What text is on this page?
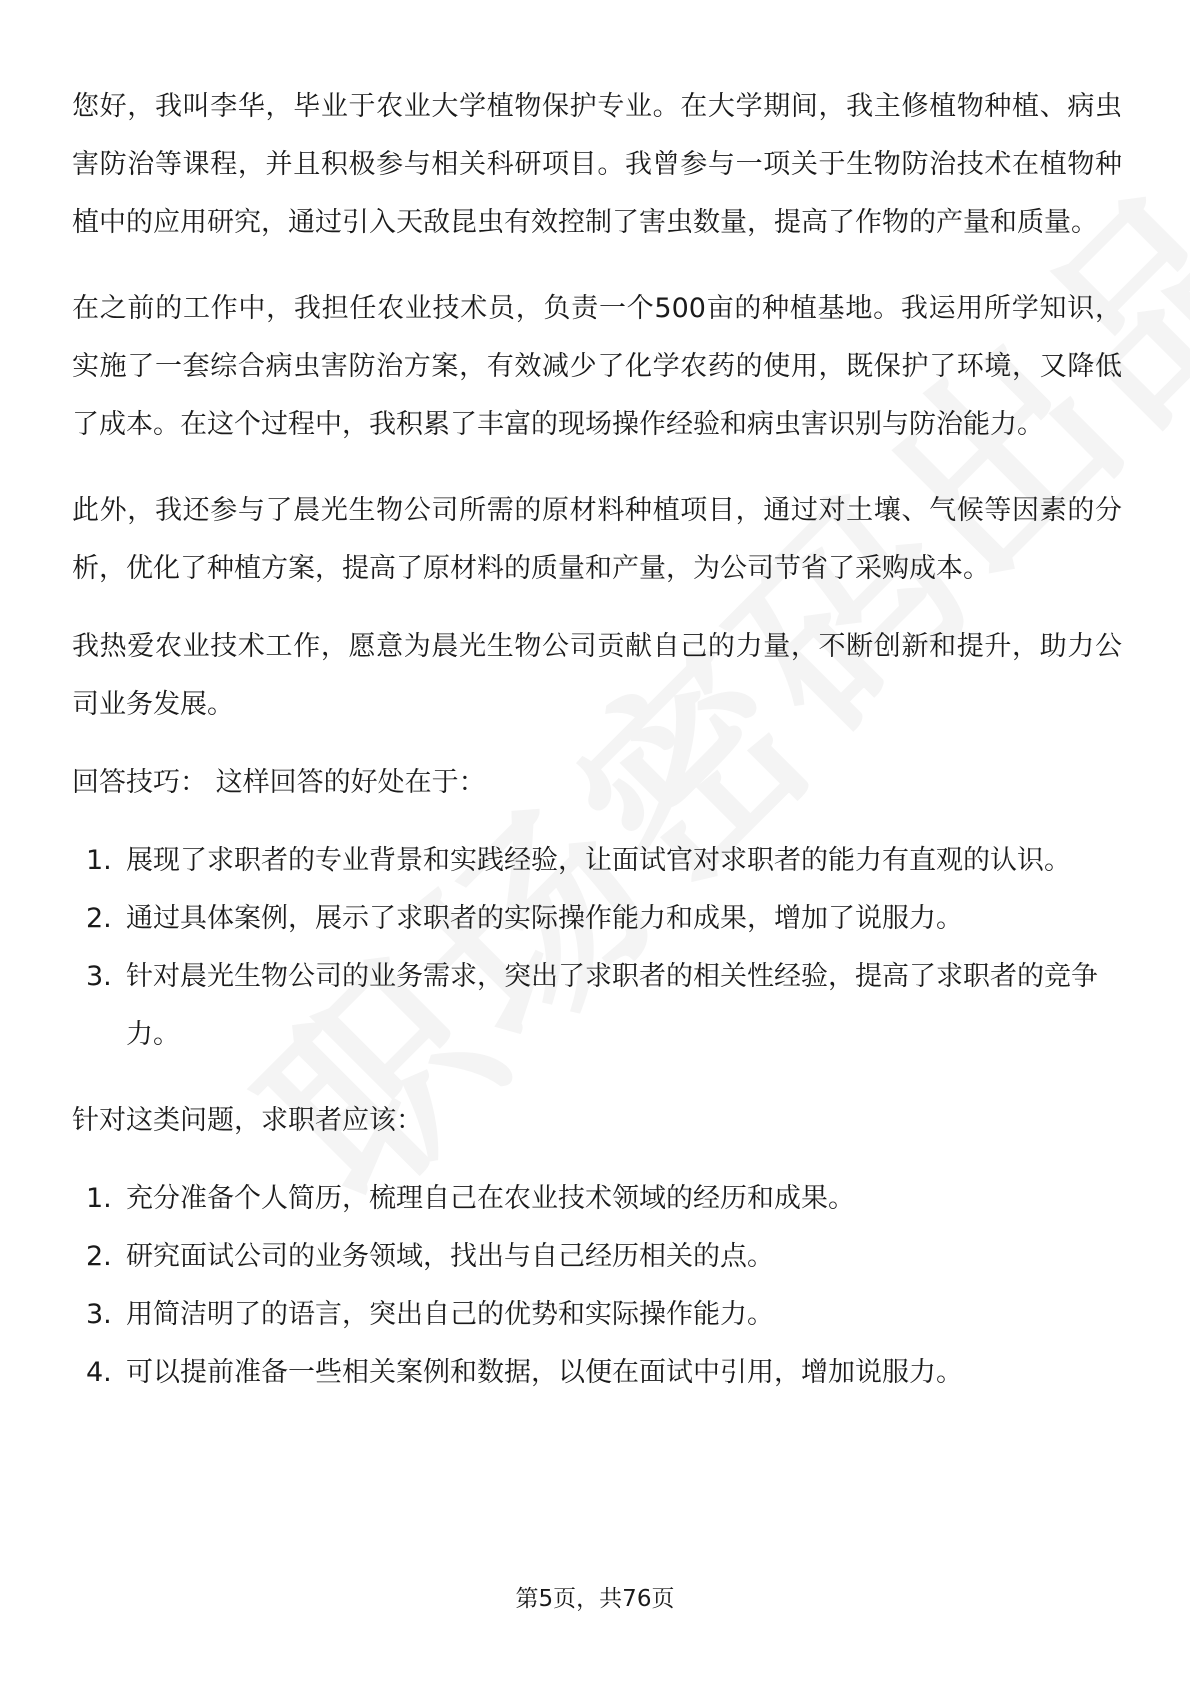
您好，我叫李华，毕业于农业大学植物保护专业。在大学期间，我主修植物种植、病虫害防治等课程，并且积极参与相关科研项目。我曾参与一项关于生物防治技术在植物种植中的应用研究，通过引入天敌昆虫有效控制了害虫数量，提高了作物的产量和质量。

在之前的工作中，我担任农业技术员，负责一个500亩的种植基地。我运用所学知识，实施了一套综合病虫害防治方案，有效减少了化学农药的使用，既保护了环境，又降低了成本。在这个过程中，我积累了丰富的现场操作经验和病虫害识别与防治能力。

此外，我还参与了晨光生物公司所需的原材料种植项目，通过对土壤、气候等因素的分析，优化了种植方案，提高了原材料的质量和产量，为公司节省了采购成本。

我热爱农业技术工作，愿意为晨光生物公司贡献自己的力量，不断创新和提升，助力公司业务发展。

回答技巧： 这样回答的好处在于：

1. 展现了求职者的专业背景和实践经验，让面试官对求职者的能力有直观的认识。
2. 通过具体案例，展示了求职者的实际操作能力和成果，增加了说服力。
3. 针对晨光生物公司的业务需求，突出了求职者的相关性经验，提高了求职者的竞争力。

针对这类问题，求职者应该：

1. 充分准备个人简历，梳理自己在农业技术领域的经历和成果。
2. 研究面试公司的业务领域，找出与自己经历相关的点。
3. 用简洁明了的语言，突出自己的优势和实际操作能力。
4. 可以提前准备一些相关案例和数据，以便在面试中引用，增加说服力。
第5页，共76页
